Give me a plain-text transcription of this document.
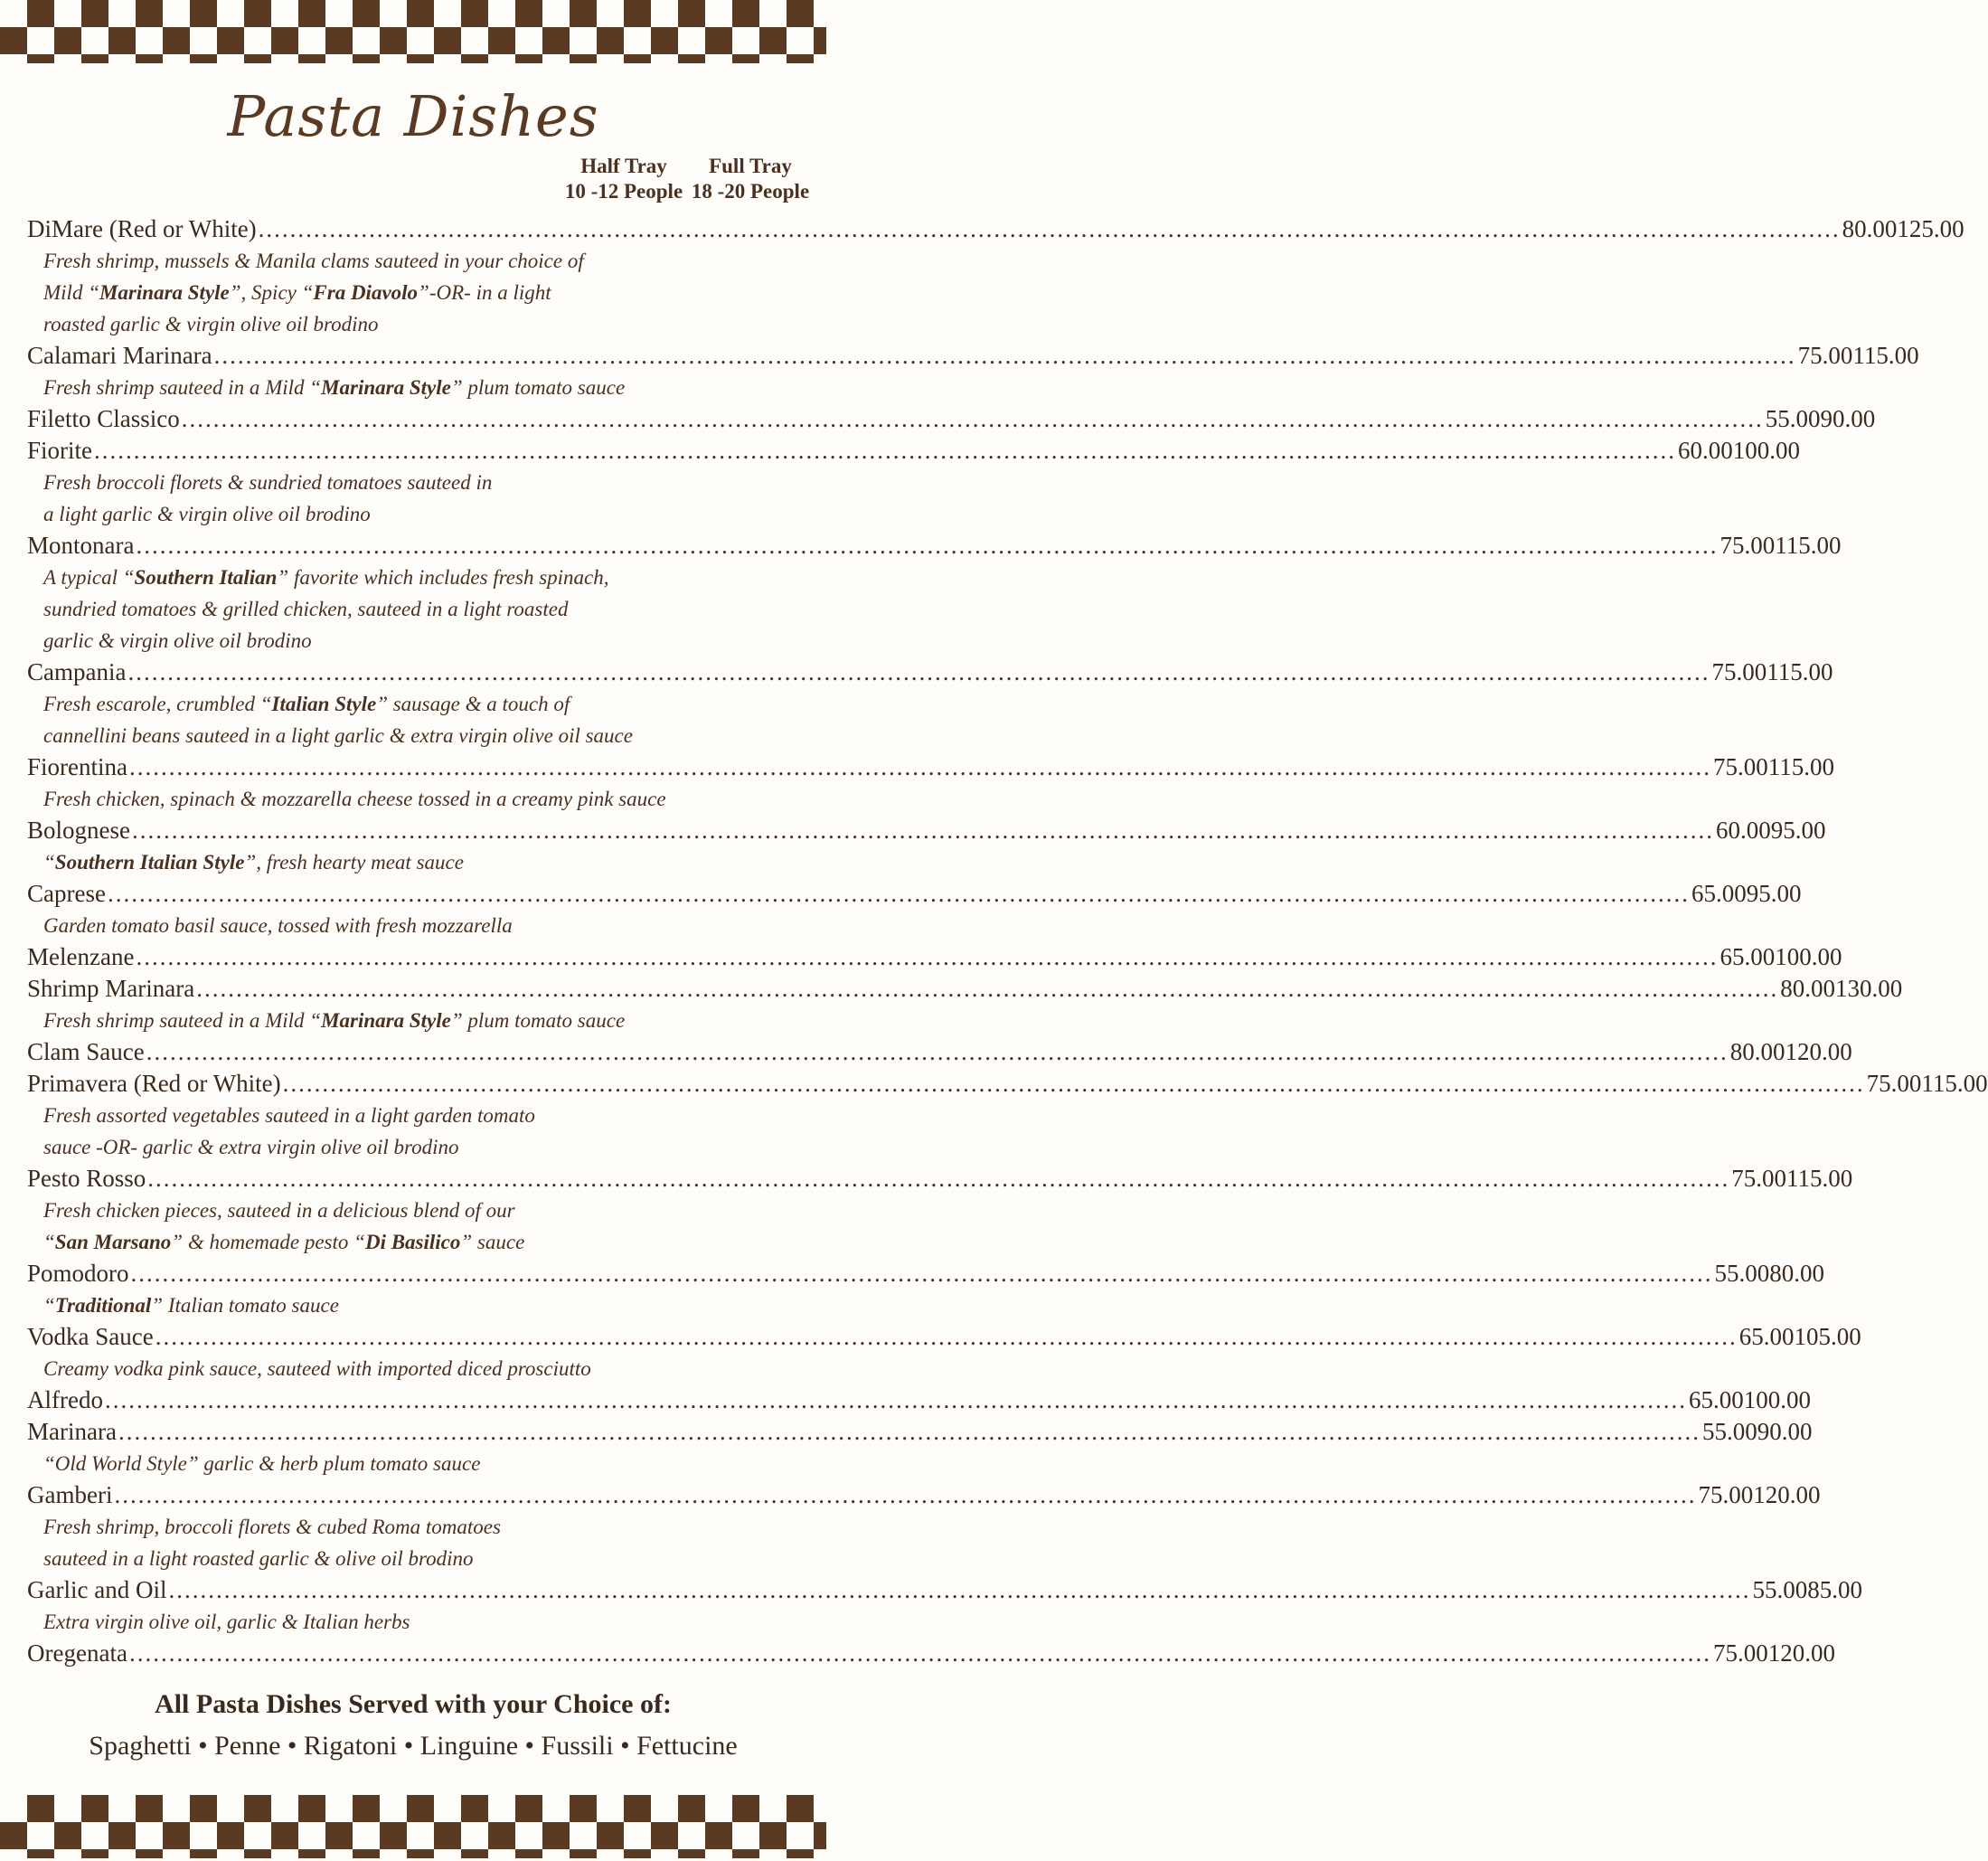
Pasta Dishes
Half Tray	Full Tray
10 -12 People 18 -20 People
DiMare (Red or White) ........................................................................................................................................................................................................ 80.00 125.00
Fresh shrimp, mussels & Manila clams sauteed in your choice of
Mild “Marinara Style”, Spicy “Fra Diavolo”-OR- in a light
roasted garlic & virgin olive oil brodino
Calamari Marinara ........................................................................................................................................................................................................ 75.00 115.00
Fresh shrimp sauteed in a Mild “Marinara Style” plum tomato sauce
Filetto Classico ........................................................................................................................................................................................................ 55.00 90.00
Fiorite ........................................................................................................................................................................................................ 60.00 100.00
Fresh broccoli florets & sundried tomatoes sauteed in
a light garlic & virgin olive oil brodino
Montonara ........................................................................................................................................................................................................ 75.00 115.00
A typical “Southern Italian” favorite which includes fresh spinach,
sundried tomatoes & grilled chicken, sauteed in a light roasted
garlic & virgin olive oil brodino
Campania ........................................................................................................................................................................................................ 75.00 115.00
Fresh escarole, crumbled “Italian Style” sausage & a touch of
cannellini beans sauteed in a light garlic & extra virgin olive oil sauce
Fiorentina ........................................................................................................................................................................................................ 75.00 115.00
Fresh chicken, spinach & mozzarella cheese tossed in a creamy pink sauce
Bolognese ........................................................................................................................................................................................................ 60.00 95.00
“Southern Italian Style”, fresh hearty meat sauce
Caprese ........................................................................................................................................................................................................ 65.00 95.00
Garden tomato basil sauce, tossed with fresh mozzarella
Melenzane ........................................................................................................................................................................................................ 65.00 100.00
Shrimp Marinara ........................................................................................................................................................................................................ 80.00 130.00
Fresh shrimp sauteed in a Mild “Marinara Style” plum tomato sauce
Clam Sauce ........................................................................................................................................................................................................ 80.00 120.00
Primavera (Red or White) ........................................................................................................................................................................................................ 75.00 115.00
Fresh assorted vegetables sauteed in a light garden tomato
sauce -OR- garlic & extra virgin olive oil brodino
Pesto Rosso ........................................................................................................................................................................................................ 75.00 115.00
Fresh chicken pieces, sauteed in a delicious blend of our
“San Marsano” & homemade pesto “Di Basilico” sauce
Pomodoro ........................................................................................................................................................................................................ 55.00 80.00
“Traditional” Italian tomato sauce
Vodka Sauce ........................................................................................................................................................................................................ 65.00 105.00
Creamy vodka pink sauce, sauteed with imported diced prosciutto
Alfredo ........................................................................................................................................................................................................ 65.00 100.00
Marinara ........................................................................................................................................................................................................ 55.00 90.00
“Old World Style” garlic & herb plum tomato sauce
Gamberi ........................................................................................................................................................................................................ 75.00 120.00
Fresh shrimp, broccoli florets & cubed Roma tomatoes
sauteed in a light roasted garlic & olive oil brodino
Garlic and Oil ........................................................................................................................................................................................................ 55.00 85.00
Extra virgin olive oil, garlic & Italian herbs
Oregenata ........................................................................................................................................................................................................ 75.00 120.00
All Pasta Dishes Served with your Choice of:
Spaghetti • Penne • Rigatoni • Linguine • Fussili • Fettucine
